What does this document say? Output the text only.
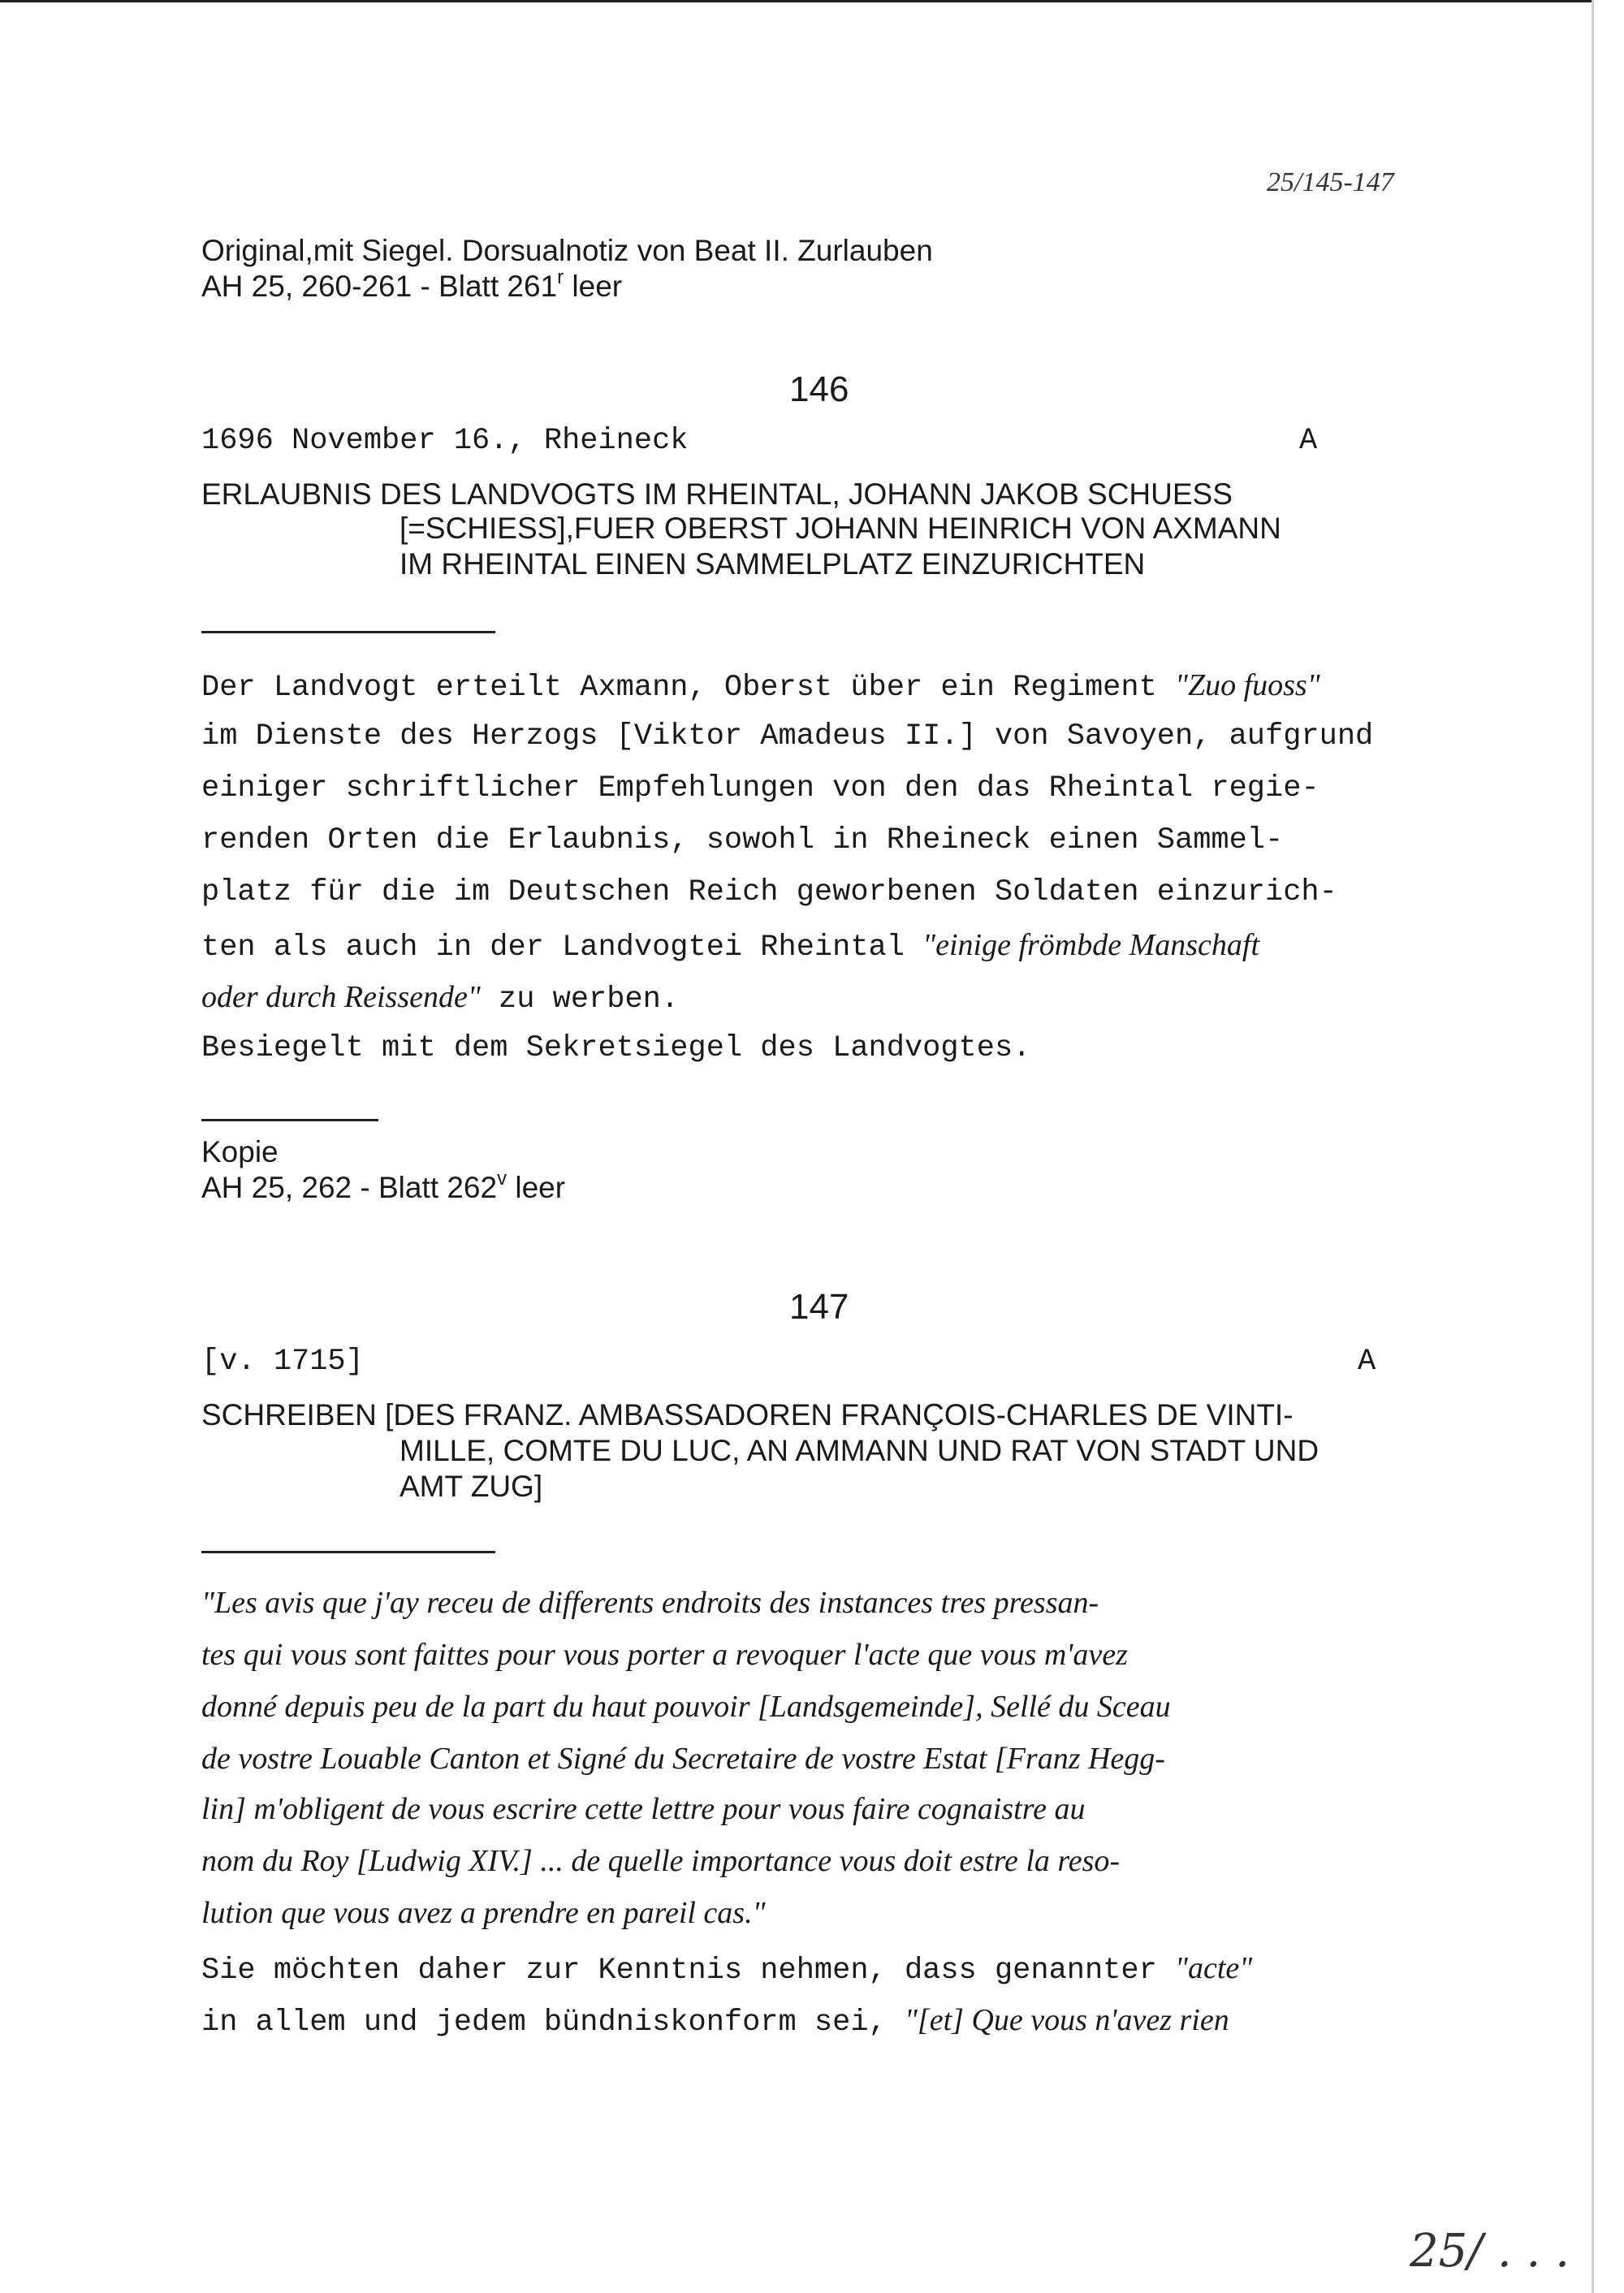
25/145-147
Original,mit Siegel. Dorsualnotiz von Beat II. Zurlauben
AH 25, 260-261 - Blatt 261$^r$ leer
146
1696 November 16., Rheineck	A
ERLAUBNIS DES LANDVOGTS IM RHEINTAL, JOHANN JAKOB SCHUESS
[=SCHIESS],FUER OBERST JOHANN HEINRICH VON AXMANN
IM RHEINTAL EINEN SAMMELPLATZ EINZURICHTEN
Der Landvogt erteilt Axmann, Oberst über ein Regiment "Zuo fuoss"
im Dienste des Herzogs [Viktor Amadeus II.] von Savoyen, aufgrund
einiger schriftlicher Empfehlungen von den das Rheintal regie-
renden Orten die Erlaubnis, sowohl in Rheineck einen Sammel-
platz für die im Deutschen Reich geworbenen Soldaten einzurich-
ten als auch in der Landvogtei Rheintal "einige frömbde Manschaft
oder durch Reissende" zu werben.
Besiegelt mit dem Sekretsiegel des Landvogtes.
Kopie
AH 25, 262 - Blatt 262$^v$ leer
147
[v. 1715]	A
SCHREIBEN [DES FRANZ. AMBASSADOREN FRANÇOIS-CHARLES DE VINTI-
MILLE, COMTE DU LUC, AN AMMANN UND RAT VON STADT UND
AMT ZUG]
"Les avis que j'ay receu de differents endroits des instances tres pressan-
tes qui vous sont faittes pour vous porter a revoquer l'acte que vous m'avez
donné depuis peu de la part du haut pouvoir [Landsgemeinde], Sellé du Sceau
de vostre Louable Canton et Signé du Secretaire de vostre Estat [Franz Hegg-
lin] m'obligent de vous escrire cette lettre pour vous faire cognaistre au
nom du Roy [Ludwig XIV.] ... de quelle importance vous doit estre la reso-
lution que vous avez a prendre en pareil cas."
Sie möchten daher zur Kenntnis nehmen, dass genannter "acte"
in allem und jedem bündniskonform sei, "[et] Que vous n'avez rien
25/ . . .
